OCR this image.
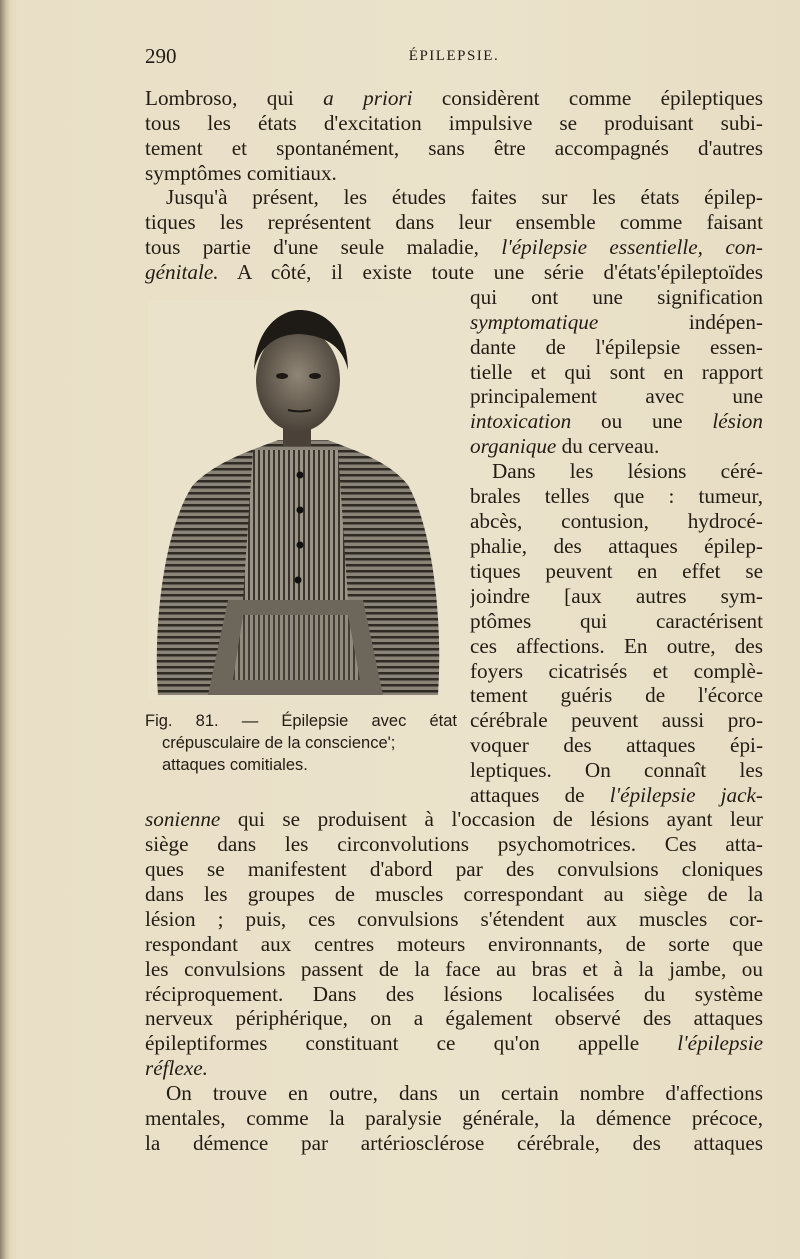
290	ÉPILEPSIE.
Lombroso, qui a priori considèrent comme épileptiques
tous les états d'excitation impulsive se produisant subi-
tement et spontanément, sans être accompagnés d'autres
symptômes comitiaux.
Jusqu'à présent, les études faites sur les états épilep-
tiques les représentent dans leur ensemble comme faisant
tous partie d'une seule maladie, l'épilepsie essentielle, con-
génitale. A côté, il existe toute une série d'états'épileptoïdes
Fig. 81. — Épilepsie avec état
crépusculaire de la conscience';
attaques comitiales.
qui ont une signification
symptomatique indépen-
dante de l'épilepsie essen-
tielle et qui sont en rapport
principalement avec une
intoxication ou une lésion
organique du cerveau.
Dans les lésions céré-
brales telles que : tumeur,
abcès, contusion, hydrocé-
phalie, des attaques épilep-
tiques peuvent en effet se
joindre [aux autres sym-
ptômes qui caractérisent
ces affections. En outre, des
foyers cicatrisés et complè-
tement guéris de l'écorce
cérébrale peuvent aussi pro-
voquer des attaques épi-
leptiques. On connaît les
attaques de l'épilepsie jack-
sonienne qui se produisent à l'occasion de lésions ayant leur
siège dans les circonvolutions psychomotrices. Ces atta-
ques se manifestent d'abord par des convulsions cloniques
dans les groupes de muscles correspondant au siège de la
lésion ; puis, ces convulsions s'étendent aux muscles cor-
respondant aux centres moteurs environnants, de sorte que
les convulsions passent de la face au bras et à la jambe, ou
réciproquement. Dans des lésions localisées du système
nerveux périphérique, on a également observé des attaques
épileptiformes constituant ce qu'on appelle l'épilepsie
réflexe.
On trouve en outre, dans un certain nombre d'affections
mentales, comme la paralysie générale, la démence précoce,
la démence par artériosclérose cérébrale, des attaques
